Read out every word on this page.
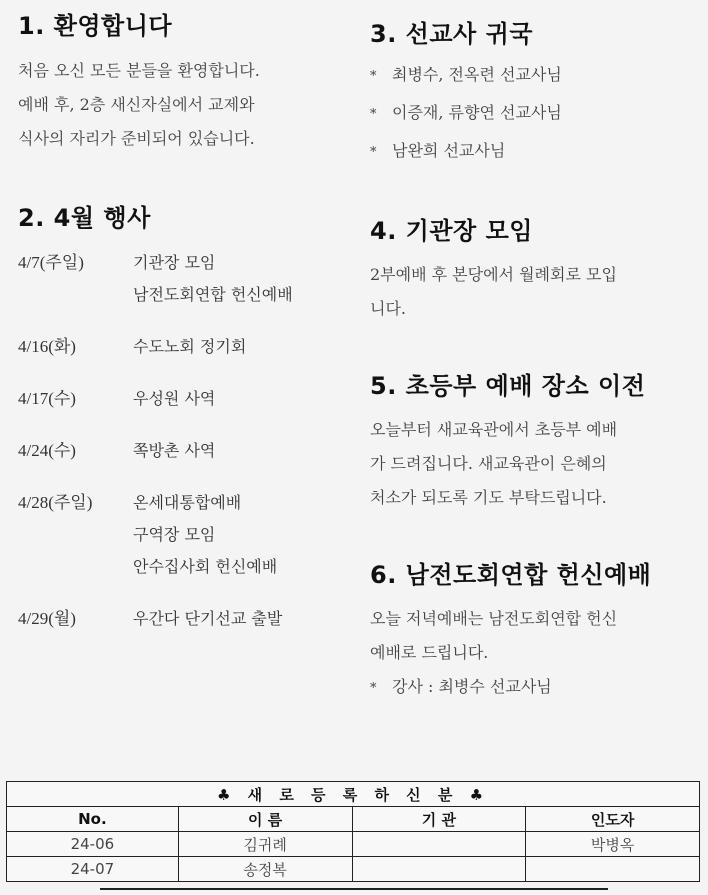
1. 환영합니다

처음 오신 모든 분들을 환영합니다.

예배 후, 2층 새신자실에서 교제와

식사의 자리가 준비되어 있습니다.

2. 4월 행사
4/7(주일)	기관장 모임
남전도회연합 헌신예배
4/16(화)	수도노회 정기회
4/17(수)	우성원 사역
4/24(수)	쪽방촌 사역
4/28(주일)	온세대통합예배
구역장 모임
안수집사회 헌신예배
4/29(월)	우간다 단기선교 출발
3. 선교사 귀국
* 최병수, 전옥련 선교사님
* 이증재, 류향연 선교사님
* 남완희 선교사님
4. 기관장 모임

2부예배 후 본당에서 월례회로 모입

니다.

5. 초등부 예배 장소 이전

오늘부터 새교육관에서 초등부 예배

가 드려집니다. 새교육관이 은혜의

처소가 되도록 기도 부탁드립니다.

6. 남전도회연합 헌신예배

오늘 저녁예배는 남전도회연합 헌신

예배로 드립니다.

* 강사 : 최병수 선교사님

♣ 새 로 등 록 하 신 분 ♣			
No.	이 름	기 관	인도자
24-06	김귀례		박병옥
24-07	송정복		
